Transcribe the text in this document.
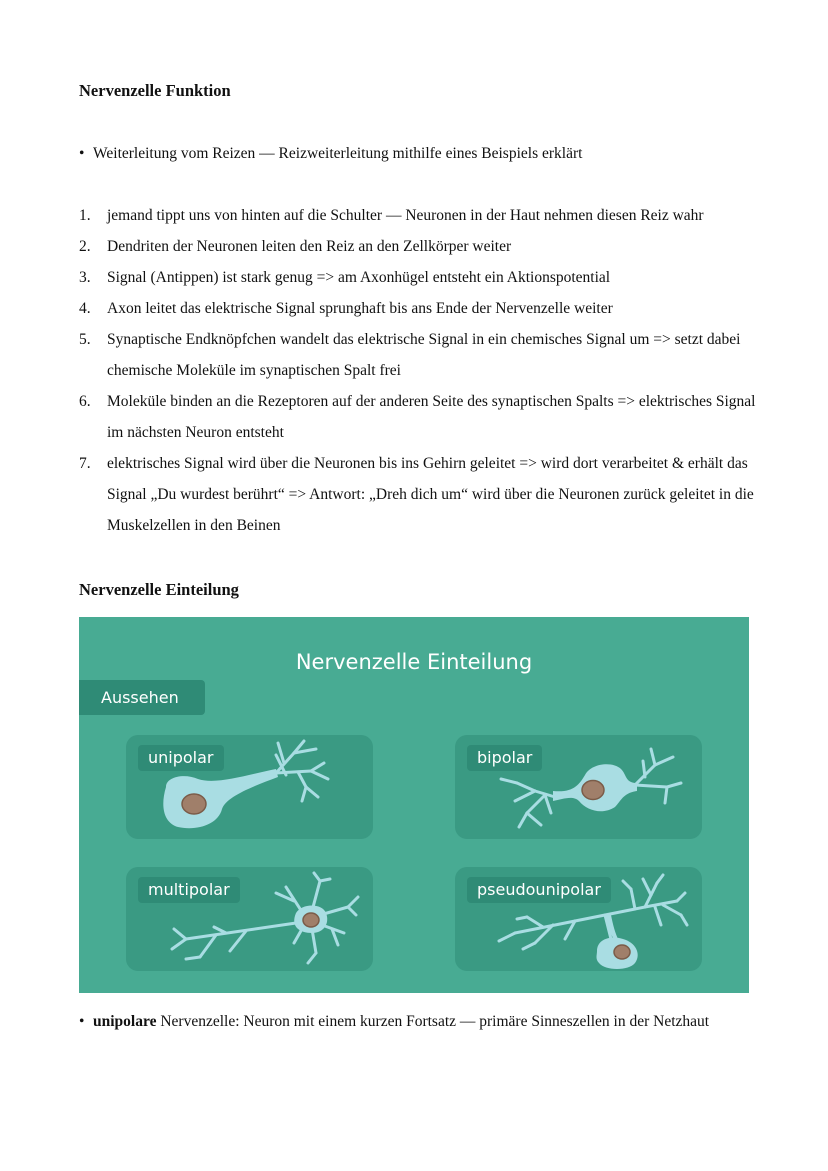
Nervenzelle Funktion
• Weiterleitung vom Reizen — Reizweiterleitung mithilfe eines Beispiels erklärt
1. jemand tippt uns von hinten auf die Schulter — Neuronen in der Haut nehmen diesen Reiz wahr
2. Dendriten der Neuronen leiten den Reiz an den Zellkörper weiter
3. Signal (Antippen) ist stark genug => am Axonhügel entsteht ein Aktionspotential
4. Axon leitet das elektrische Signal sprunghaft bis ans Ende der Nervenzelle weiter
5. Synaptische Endknöpfchen wandelt das elektrische Signal in ein chemisches Signal um => setzt dabei chemische Moleküle im synaptischen Spalt frei
6. Moleküle binden an die Rezeptoren auf der anderen Seite des synaptischen Spalts => elektrisches Signal im nächsten Neuron entsteht
7. elektrisches Signal wird über die Neuronen bis ins Gehirn geleitet => wird dort verarbeitet & erhält das Signal „Du wurdest berührt“ => Antwort: „Dreh dich um“ wird über die Neuronen zurück geleitet in die Muskelzellen in den Beinen
Nervenzelle Einteilung
Nervenzelle Einteilung
Aussehen
unipolar	bipolar
multipolar	pseudounipolar
• unipolare Nervenzelle: Neuron mit einem kurzen Fortsatz — primäre Sinneszellen in der Netzhaut
